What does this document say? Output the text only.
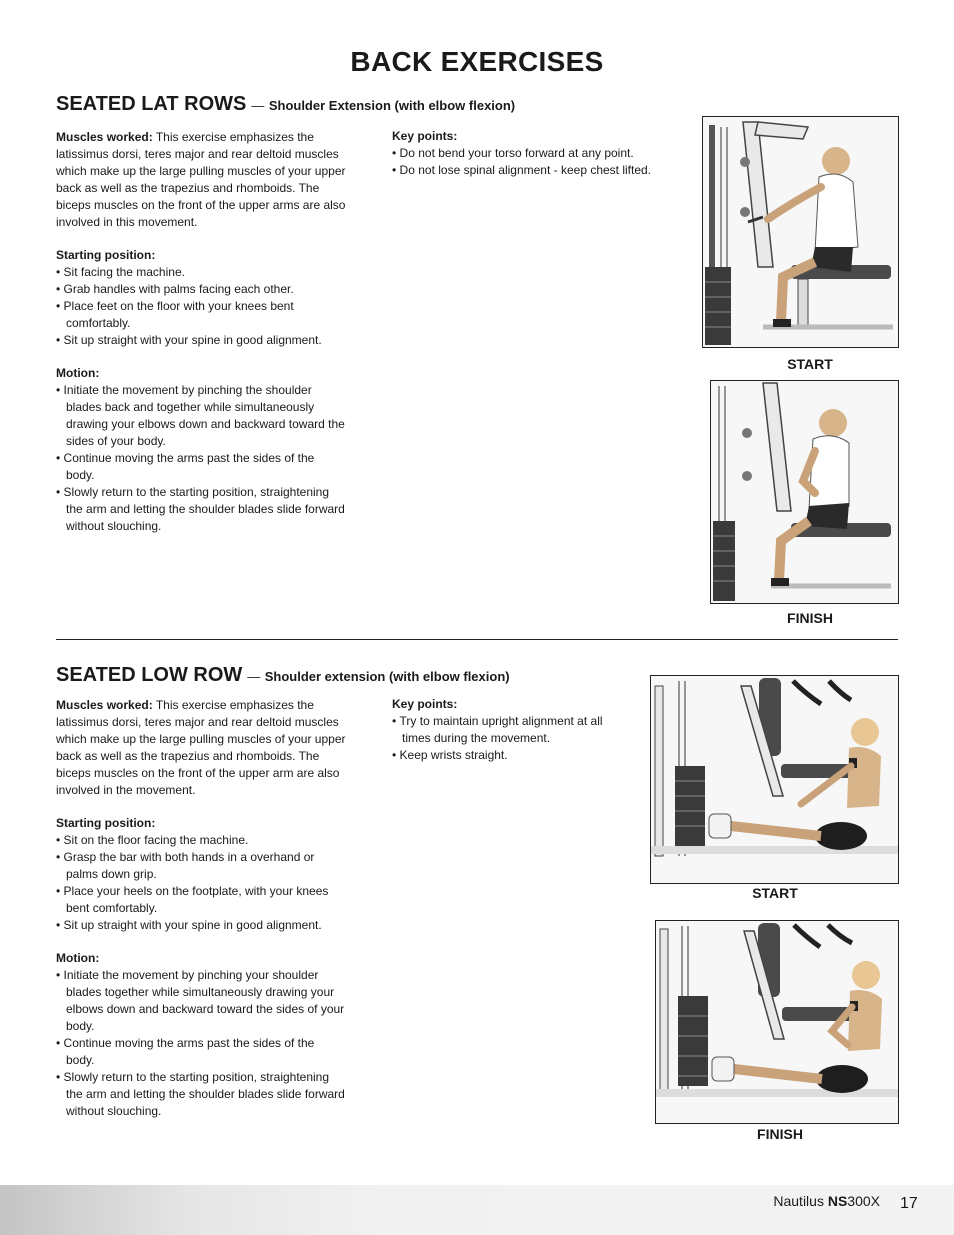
BACK EXERCISES
SEATED LAT ROWS — Shoulder Extension (with elbow flexion)

Muscles worked: This exercise emphasizes the latissimus dorsi, teres major and rear deltoid muscles which make up the large pulling muscles of your upper back as well as the trapezius and rhomboids. The biceps muscles on the front of the upper arms are also involved in this movement.

Starting position:
• Sit facing the machine.
• Grab handles with palms facing each other.
• Place feet on the floor with your knees bent comfortably.
• Sit up straight with your spine in good alignment.
Motion:
• Initiate the movement by pinching the shoulder blades back and together while simultaneously drawing your elbows down and backward toward the sides of your body.
• Continue moving the arms past the sides of the body.
• Slowly return to the starting position, straightening the arm and letting the shoulder blades slide forward without slouching.
Key points:
• Do not bend your torso forward at any point.
• Do not lose spinal alignment - keep chest lifted.
START
FINISH
SEATED LOW ROW — Shoulder extension (with elbow flexion)

Muscles worked: This exercise emphasizes the latissimus dorsi, teres major and rear deltoid muscles which make up the large pulling muscles of your upper back as well as the trapezius and rhomboids. The biceps muscles on the front of the upper arm are also involved in the movement.

Starting position:
• Sit on the floor facing the machine.
• Grasp the bar with both hands in a overhand or palms down grip.
• Place your heels on the footplate, with your knees bent comfortably.
• Sit up straight with your spine in good alignment.
Motion:
• Initiate the movement by pinching your shoulder blades together while simultaneously drawing your elbows down and backward toward the sides of your body.
• Continue moving the arms past the sides of the body.
• Slowly return to the starting position, straightening the arm and letting the shoulder blades slide forward without slouching.
Key points:
• Try to maintain upright alignment at all times during the movement.
• Keep wrists straight.
START
FINISH
Nautilus NS300X 17
